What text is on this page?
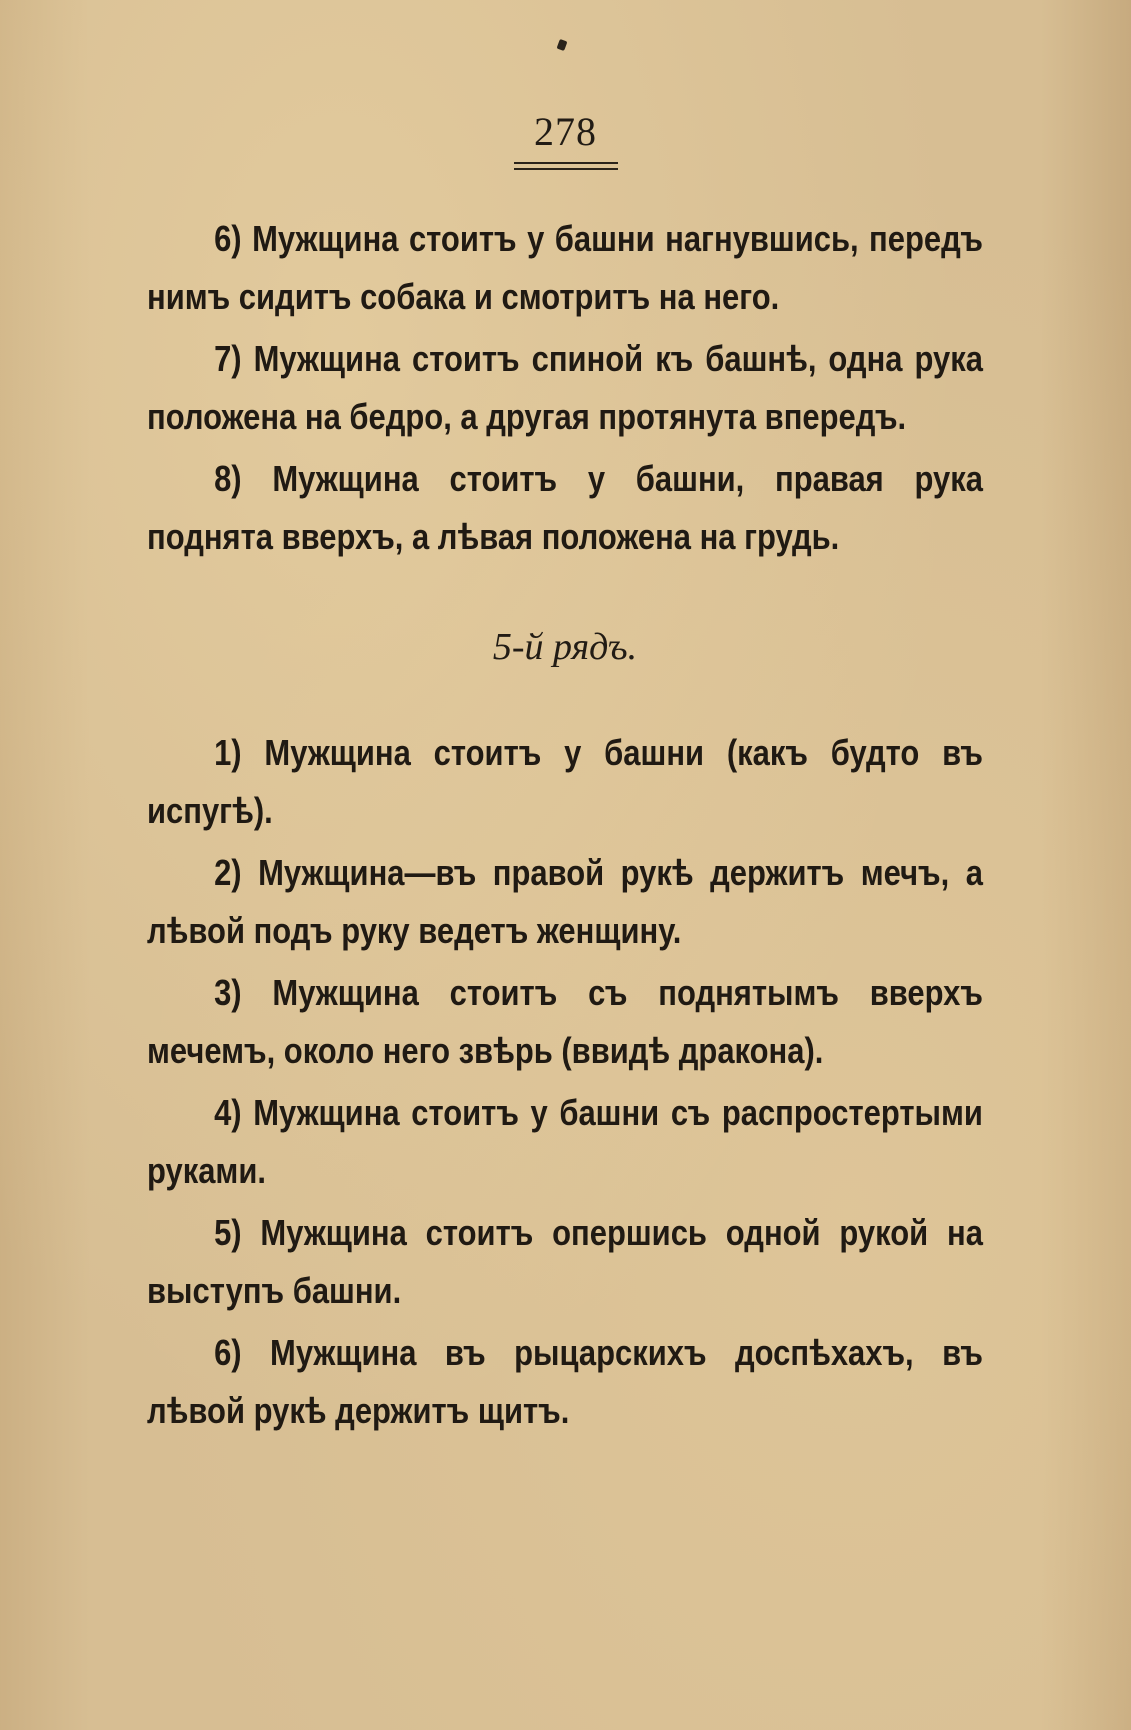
278

6) Мужщина стоитъ у башни нагнувшись, передъ нимъ сидитъ собака и смотритъ на него.

7) Мужщина стоитъ спиной къ башнѣ, одна рука положена на бедро, а другая протянута впередъ.

8) Мужщина стоитъ у башни, правая рука поднята вверхъ, а лѣвая положена на грудь.

5-й рядъ.

1) Мужщина стоитъ у башни (какъ будто въ испугѣ).

2) Мужщина—въ правой рукѣ держитъ мечъ, а лѣвой подъ руку ведетъ женщину.

3) Мужщина стоитъ съ поднятымъ вверхъ мечемъ, около него звѣрь (ввидѣ дракона).

4) Мужщина стоитъ у башни съ распростертыми руками.

5) Мужщина стоитъ опершись одной рукой на выступъ башни.

6) Мужщина въ рыцарскихъ доспѣхахъ, въ лѣвой рукѣ держитъ щитъ.
